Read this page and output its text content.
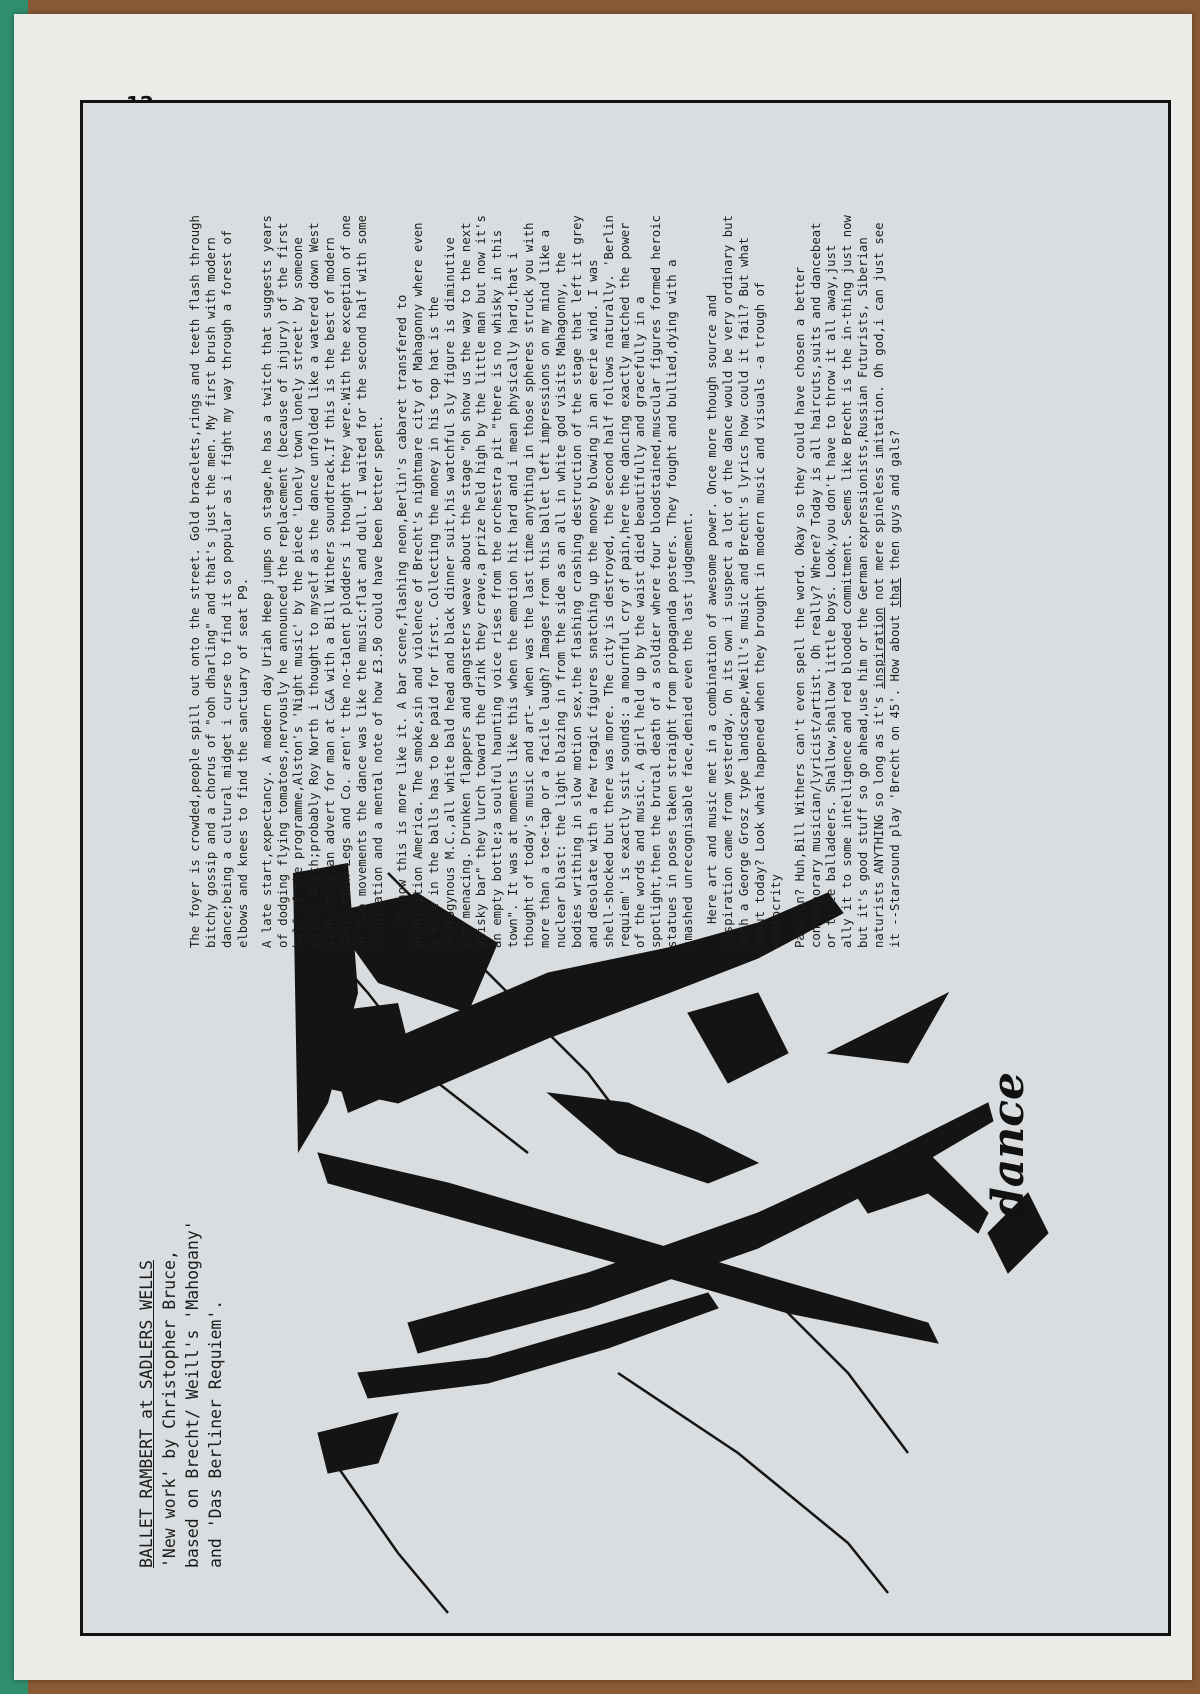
dance
BALLET RAMBERT at SADLERS WELLS 'New work' by Christopher Bruce, based on Brecht/ Weill's 'Mahogany' and 'Das Berliner Requiem'.

The foyer is crowded,people spill out onto the street. Gold bracelets,rings and teeth flash through bitchy gossip and a chorus of "ooh dharling" and that's just the men. My first brush with modern dance;being a cultural midget i curse to find it so popular as i fight my way through a forest of elbows and knees to find the sanctuary of seat P9. A late start,expectancy. A modern day Uriah Heep jumps on stage,he has a twitch that suggests years of dodging flying tomatoes,nervously he announced the replacement (because of injury) of the first half of the programme,Alston's 'Night music' by the piece 'Lonely town lonely street' by someone called North;probably Roy North i thought to myself as the dance unfolded like a watered down West side story,an advert for man at C&A with a Bill Withers soundtrack.If this is the best of modern dance then Legs and Co. aren't the no-talent plodders i thought they were.With the exception of one or two movements the dance was like the music:flat and dull. I waited for the second half with some trepidation and a mental note of how £3.50 could have been better spent. Ah,now this is more like it. A bar scene,flashing neon,Berlin's cabaret transfered to prohibition America. The smoke,sin and violence of Brecht's nightmare city of Mahagonny where even a kick in the balls has to be paid for first. Collecting the money in his top hat is the androgynous M.C.,all white bald head and black dinner suit,his watchful sly figure is diminutive but menacing. Drunken flappers and gangsters weave about the stage "oh show us the way to the next whisky bar" they lurch toward the drink they crave,a prize held high by the little man but now it's an empty bottle;a soulful haunting voice rises from the orchestra pit "there is no whisky in this town". It was at moments like this when the emotion hit hard and i mean physically hard,that i thought of today's music and art- when was the last time anything in those spheres struck you with more than a toe-tap or a facile laugh? Images from this ballet left impressions on my mind like a nuclear blast: the light blazing in from the side as an all in white god visits Mahagonny, the bodies writhing in slow motion sex,the flashing crashing destruction of the stage that left it grey and desolate with a few tragic figures snatching up the money blowing in an eerie wind. I was shell-shocked but there was more. The city is destroyed, the second half follows naturally. 'Berlin requiem' is exactly ssit sounds: a mournful cry of pain,here the dancing exactly matched the power of the words and music. A girl held up by the waist died beautifully and gracefully in a spotlight,then the brutal death of a soldier where four bloodstained,muscular figures formed heroic statues in poses taken straight from propaganda posters. They fought and bullied,dying with a smashed unrecognisable face,denied even the last judgement. Here art and music met in a combination of awesome power. Once more though source and inspiration came from yesterday. On its own i suspect a lot of the dance would be very ordinary but with a George Grosz type landscape,Weill's music and Brecht's lyrics how could it fail? But what about today? Look what happened when they brought in modern music and visuals -a trough of mediocrity Passion? Huh,Bill Withers can't even spell the word. Okay so they could have chosen a better contemporary musician/lyricist/artist. Oh really? Where? Today is all haircuts,suits and dancebeat or trite balladeers. Shallow,shallow little boys. Look,you don't have to throw it all away,just ally it to some intelligence and red blooded commitment. Seems like Brecht is the in-thing just now but it's good stuff so go ahead,use him or the German expressionists,Russian Futurists, Siberian naturists ANYTHING so long as it's inspiration not mere spineless imitation. Oh god,i can just see it --Starsound play 'Brecht on 45'. How about that then guys and gals?
